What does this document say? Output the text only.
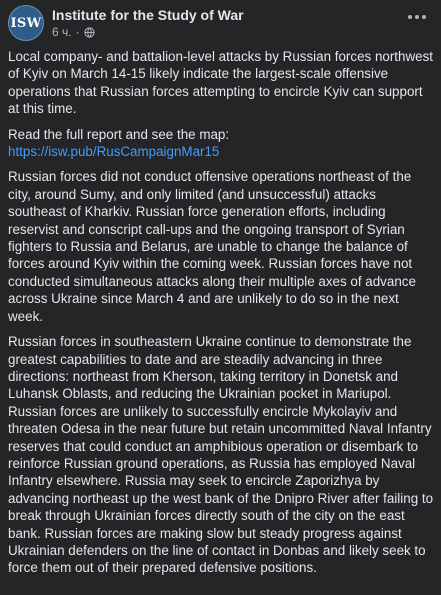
ISW Institute for the Study of War
6 ч. ·

Local company- and battalion-level attacks by Russian forces northwest of Kyiv on March 14-15 likely indicate the largest-scale offensive operations that Russian forces attempting to encircle Kyiv can support at this time.

Read the full report and see the map:
https://isw.pub/RusCampaignMar15

Russian forces did not conduct offensive operations northeast of the city, around Sumy, and only limited (and unsuccessful) attacks southeast of Kharkiv. Russian force generation efforts, including reservist and conscript call-ups and the ongoing transport of Syrian fighters to Russia and Belarus, are unable to change the balance of forces around Kyiv within the coming week. Russian forces have not conducted simultaneous attacks along their multiple axes of advance across Ukraine since March 4 and are unlikely to do so in the next week.

Russian forces in southeastern Ukraine continue to demonstrate the greatest capabilities to date and are steadily advancing in three directions: northeast from Kherson, taking territory in Donetsk and Luhansk Oblasts, and reducing the Ukrainian pocket in Mariupol. Russian forces are unlikely to successfully encircle Mykolayiv and threaten Odesa in the near future but retain uncommitted Naval Infantry reserves that could conduct an amphibious operation or disembark to reinforce Russian ground operations, as Russia has employed Naval Infantry elsewhere. Russia may seek to encircle Zaporizhya by advancing northeast up the west bank of the Dnipro River after failing to break through Ukrainian forces directly south of the city on the east bank. Russian forces are making slow but steady progress against Ukrainian defenders on the line of contact in Donbas and likely seek to force them out of their prepared defensive positions.
